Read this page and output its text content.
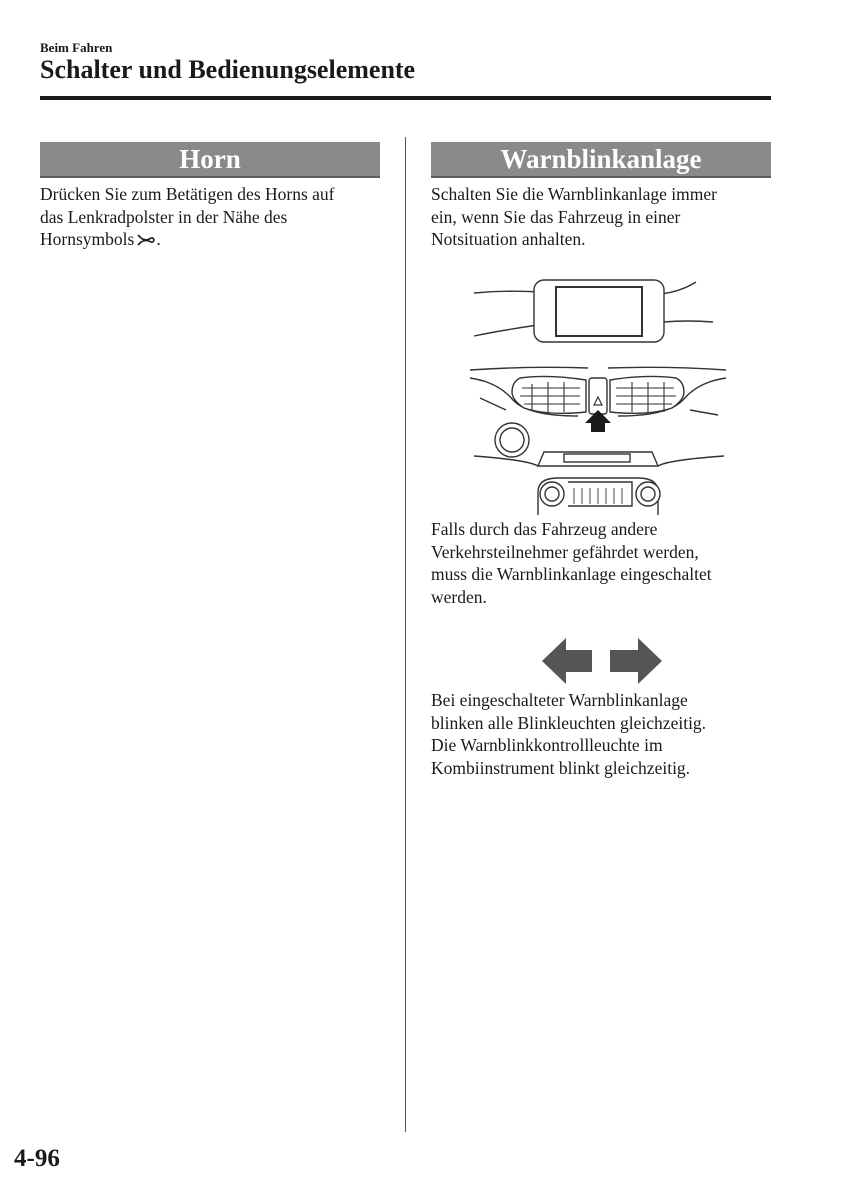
Beim Fahren
Schalter und Bedienungselemente
Horn

Drücken Sie zum Betätigen des Horns auf
das Lenkradpolster in der Nähe des
Hornsymbols .

Warnblinkanlage

Schalten Sie die Warnblinkanlage immer
ein, wenn Sie das Fahrzeug in einer
Notsituation anhalten.

Falls durch das Fahrzeug andere
Verkehrsteilnehmer gefährdet werden,
muss die Warnblinkanlage eingeschaltet
werden.

Bei eingeschalteter Warnblinkanlage
blinken alle Blinkleuchten gleichzeitig.
Die Warnblinkkontrollleuchte im
Kombiinstrument blinkt gleichzeitig.

4-96
